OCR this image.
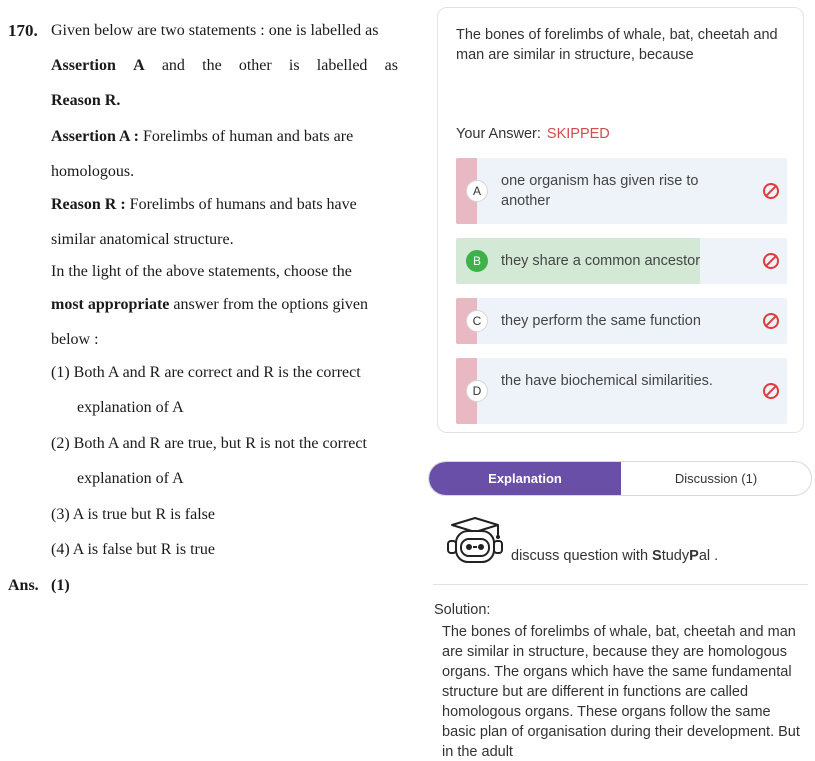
170. Given below are two statements : one is labelled as
Assertion A and the other is labelled as
Reason R.
Assertion A : Forelimbs of human and bats are
homologous.
Reason R : Forelimbs of humans and bats have
similar anatomical structure.
In the light of the above statements, choose the
most appropriate answer from the options given
below :
(1) Both A and R are correct and R is the correct
explanation of A
(2) Both A and R are true, but R is not the correct
explanation of A
(3) A is true but R is false
(4) A is false but R is true
Ans. (1)
The bones of forelimbs of whale, bat, cheetah and man are similar in structure, because
Your Answer: SKIPPED
A
one organism has given rise to another
B	they share a common ancestor
C	they perform the same function
D
the have biochemical similarities.
Explanation	Discussion (1)
discuss question with StudyPal .
Solution:
The bones of forelimbs of whale, bat, cheetah and man are similar in structure, because they are homologous organs. The organs which have the same fundamental structure but are different in functions are called homologous organs. These organs follow the same basic plan of organisation during their development. But in the adult
